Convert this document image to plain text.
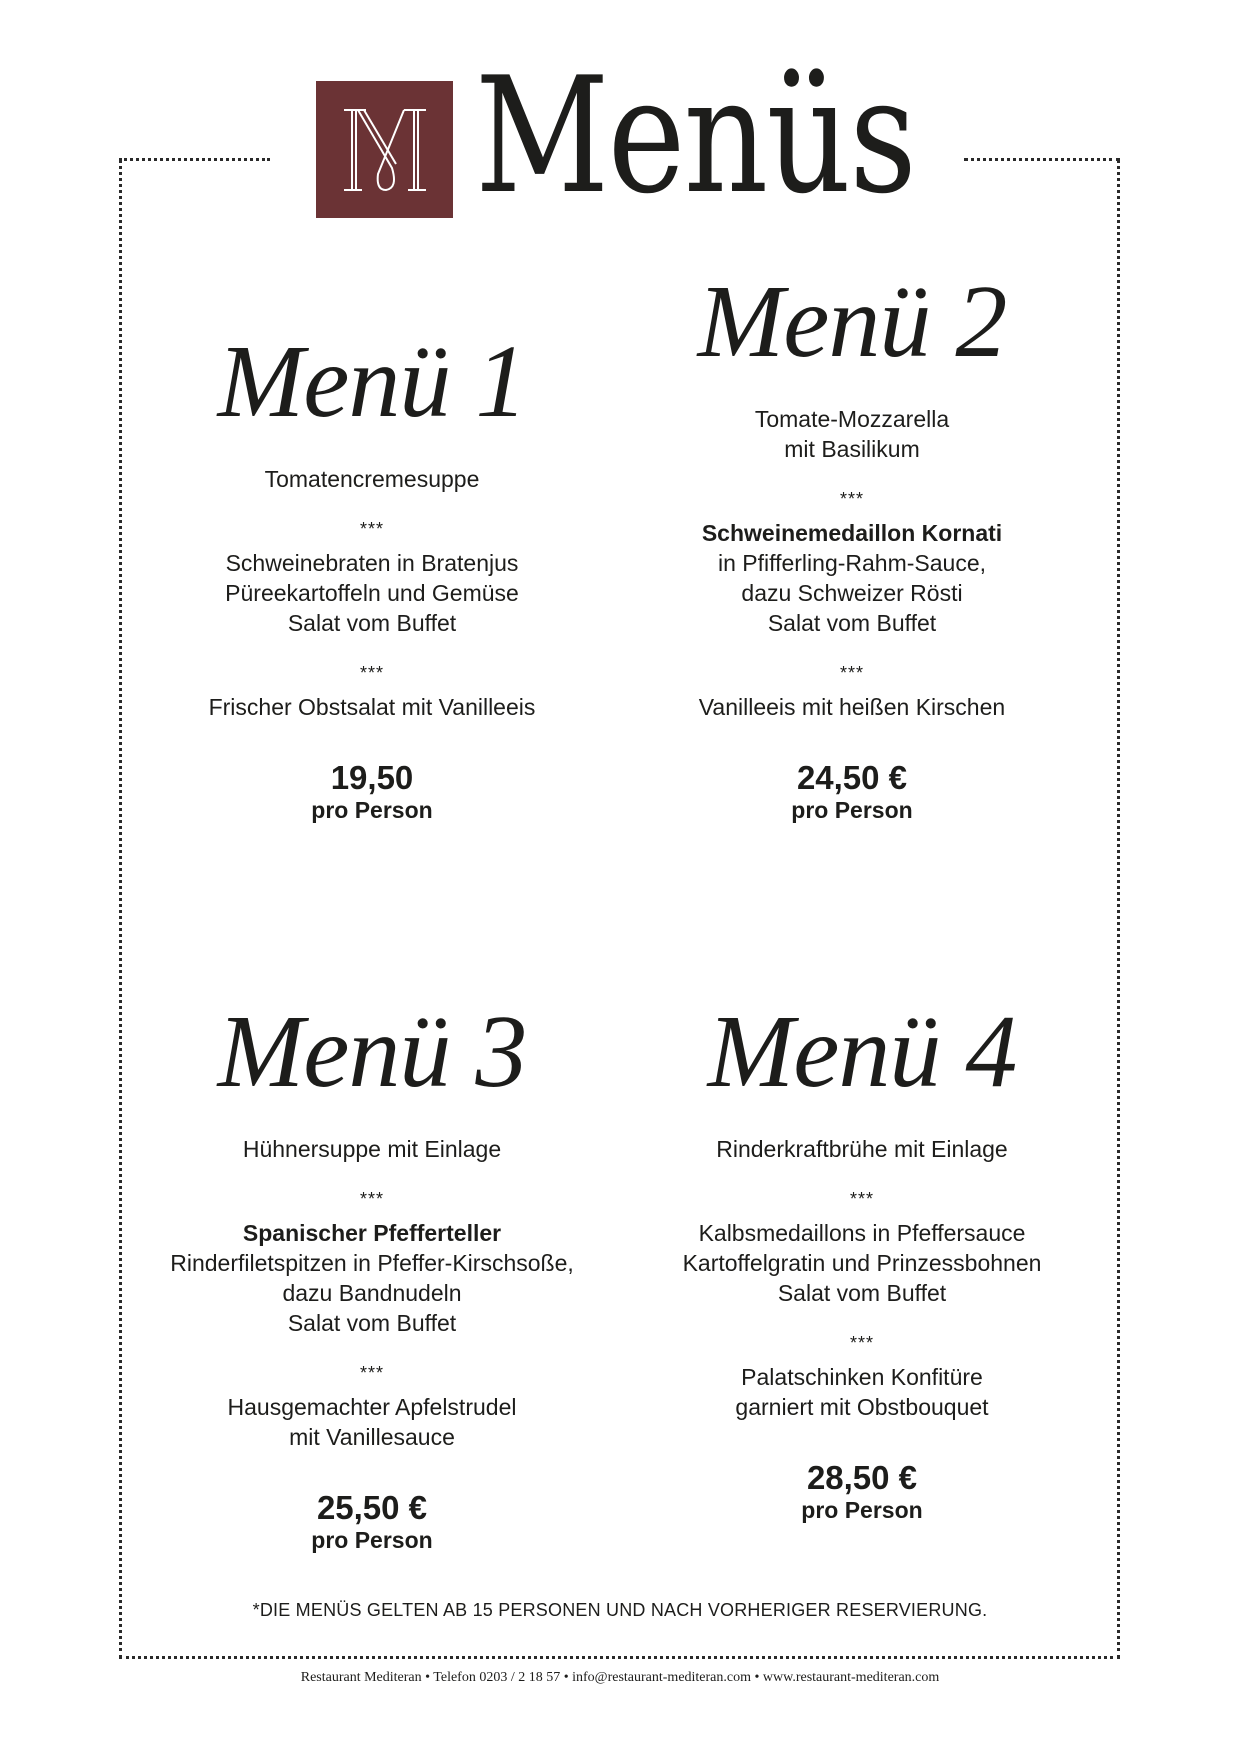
Menüs
Menü 1
Tomatencremesuppe
***
Schweinebraten in Bratenjus
Püreekartoffeln und Gemüse
Salat vom Buffet
***
Frischer Obstsalat mit Vanilleeis
19,50
pro Person
Menü 2
Tomate-Mozzarella
mit Basilikum
***
Schweinemedaillon Kornati
in Pfifferling-Rahm-Sauce,
dazu Schweizer Rösti
Salat vom Buffet
***
Vanilleeis mit heißen Kirschen
24,50 €
pro Person
Menü 3
Hühnersuppe mit Einlage
***
Spanischer Pfefferteller
Rinderfiletspitzen in Pfeffer-Kirschsoße,
dazu Bandnudeln
Salat vom Buffet
***
Hausgemachter Apfelstrudel
mit Vanillesauce
25,50 €
pro Person
Menü 4
Rinderkraftbrühe mit Einlage
***
Kalbsmedaillons in Pfeffersauce
Kartoffelgratin und Prinzessbohnen
Salat vom Buffet
***
Palatschinken Konfitüre
garniert mit Obstbouquet
28,50 €
pro Person
*DIE MENÜS GELTEN AB 15 PERSONEN UND NACH VORHERIGER RESERVIERUNG.
Restaurant Mediteran • Telefon 0203 / 2 18 57 • info@restaurant-mediteran.com • www.restaurant-mediteran.com
